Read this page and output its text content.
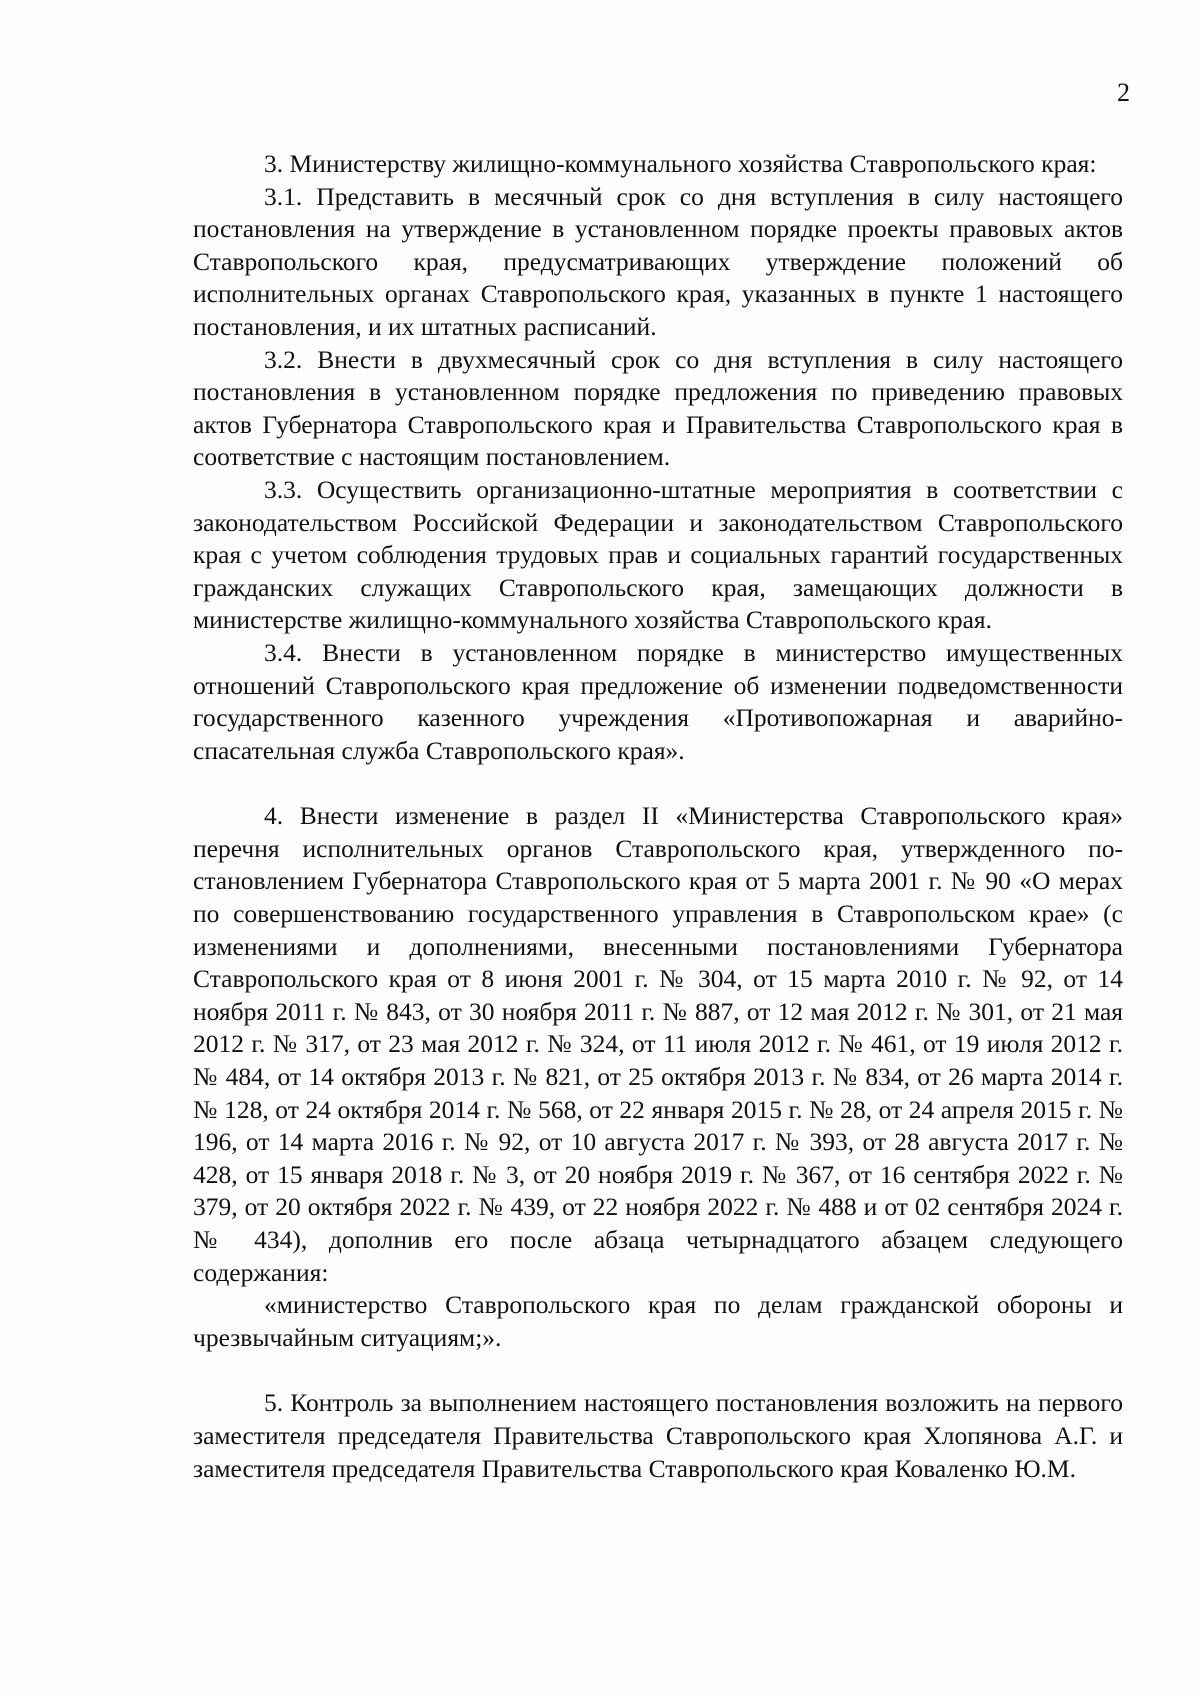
2

3. Министерству жилищно-коммунального хозяйства Ставропольского края:

3.1. Представить в месячный срок со дня вступления в силу настоящего постановления на утверждение в установленном порядке проекты правовых актов Ставропольского края, предусматривающих утверждение положений об исполнительных органах Ставропольского края, указанных в пункте 1 настоящего постановления, и их штатных расписаний.

3.2. Внести в двухмесячный срок со дня вступления в силу настоящего постановления в установленном порядке предложения по приведению правовых актов Губернатора Ставропольского края и Правительства Ставропольского края в соответствие с настоящим постановлением.

3.3. Осуществить организационно-штатные мероприятия в соответствии с законодательством Российской Федерации и законодательством Ставропольского края с учетом соблюдения трудовых прав и социальных гарантий государственных гражданских служащих Ставропольского края, замещающих должности в министерстве жилищно-коммунального хозяйства Ставропольского края.

3.4. Внести в установленном порядке в министерство имущественных отношений Ставропольского края предложение об изменении подведомственности государственного казенного учреждения «Противопожарная и аварийно-спасательная служба Ставропольского края».

4. Внести изменение в раздел II «Министерства Ставропольского края» перечня исполнительных органов Ставропольского края, утвержденного постановлением Губернатора Ставропольского края от 5 марта 2001 г. № 90 «О мерах по совершенствованию государственного управления в Ставропольском крае» (с изменениями и дополнениями, внесенными постановлениями Губернатора Ставропольского края от 8 июня 2001 г. № 304, от 15 марта 2010 г. № 92, от 14 ноября 2011 г. № 843, от 30 ноября 2011 г. № 887, от 12 мая 2012 г. № 301, от 21 мая 2012 г. № 317, от 23 мая 2012 г. № 324, от 11 июля 2012 г. № 461, от 19 июля 2012 г. № 484, от 14 октября 2013 г. № 821, от 25 октября 2013 г. № 834, от 26 марта 2014 г. № 128, от 24 октября 2014 г. № 568, от 22 января 2015 г. № 28, от 24 апреля 2015 г. № 196, от 14 марта 2016 г. № 92, от 10 августа 2017 г. № 393, от 28 августа 2017 г. № 428, от 15 января 2018 г. № 3, от 20 ноября 2019 г. № 367, от 16 сентября 2022 г. № 379, от 20 октября 2022 г. № 439, от 22 ноября 2022 г. № 488 и от 02 сентября 2024 г. № 434), дополнив его после абзаца четырнадцатого абзацем следующего содержания:

«министерство Ставропольского края по делам гражданской обороны и чрезвычайным ситуациям;».

5. Контроль за выполнением настоящего постановления возложить на первого заместителя председателя Правительства Ставропольского края Хлопянова А.Г. и заместителя председателя Правительства Ставропольского края Коваленко Ю.М.
